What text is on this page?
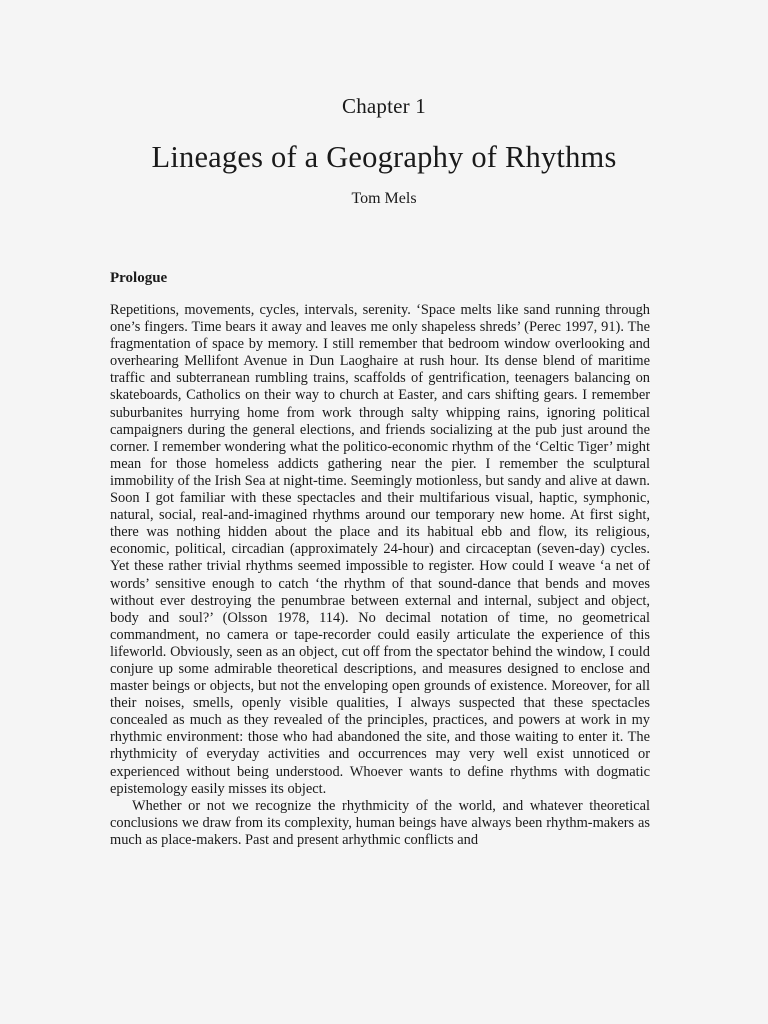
Chapter 1
Lineages of a Geography of Rhythms
Tom Mels
Prologue

Repetitions, movements, cycles, intervals, serenity. ‘Space melts like sand running through one’s fingers. Time bears it away and leaves me only shapeless shreds’ (Perec 1997, 91). The fragmentation of space by memory. I still remember that bedroom window overlooking and overhearing Mellifont Avenue in Dun Laoghaire at rush hour. Its dense blend of maritime traffic and subterranean rumbling trains, scaffolds of gentrification, teenagers balancing on skateboards, Catholics on their way to church at Easter, and cars shifting gears. I remember suburbanites hurrying home from work through salty whipping rains, ignoring political campaigners during the general elections, and friends socializing at the pub just around the corner. I remember wondering what the politico-economic rhythm of the ‘Celtic Tiger’ might mean for those homeless addicts gathering near the pier. I remember the sculptural immobility of the Irish Sea at night-time. Seemingly motionless, but sandy and alive at dawn. Soon I got familiar with these spectacles and their multifarious visual, haptic, symphonic, natural, social, real-and-imagined rhythms around our temporary new home. At first sight, there was nothing hidden about the place and its habitual ebb and flow, its religious, economic, political, circadian (approximately 24-hour) and circaceptan (seven-day) cycles. Yet these rather trivial rhythms seemed impossible to register. How could I weave ‘a net of words’ sensitive enough to catch ‘the rhythm of that sound-dance that bends and moves without ever destroying the penumbrae between external and internal, subject and object, body and soul?’ (Olsson 1978, 114). No decimal notation of time, no geometrical commandment, no camera or tape-recorder could easily articulate the experience of this lifeworld. Obviously, seen as an object, cut off from the spectator behind the window, I could conjure up some admirable theoretical descriptions, and measures designed to enclose and master beings or objects, but not the enveloping open grounds of existence. Moreover, for all their noises, smells, openly visible qualities, I always suspected that these spectacles concealed as much as they revealed of the principles, practices, and powers at work in my rhythmic environment: those who had abandoned the site, and those waiting to enter it. The rhythmicity of everyday activities and occurrences may very well exist unnoticed or experienced without being understood. Whoever wants to define rhythms with dogmatic epistemology easily misses its object.

Whether or not we recognize the rhythmicity of the world, and whatever theoretical conclusions we draw from its complexity, human beings have always been rhythm-makers as much as place-makers. Past and present arhythmic conflicts and
